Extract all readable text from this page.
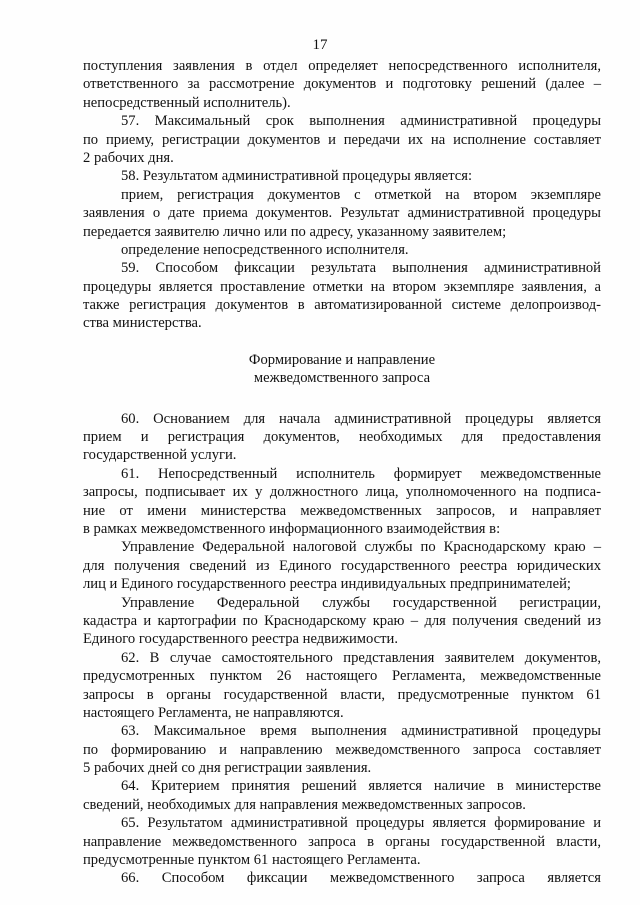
17
поступления заявления в отдел определяет непосредственного исполнителя,
ответственного за рассмотрение документов и подготовку решений (далее –
непосредственный исполнитель).
57. Максимальный срок выполнения административной процедуры
по приему, регистрации документов и передачи их на исполнение составляет
2 рабочих дня.
58. Результатом административной процедуры является:
прием, регистрация документов с отметкой на втором экземпляре
заявления о дате приема документов. Результат административной процедуры
передается заявителю лично или по адресу, указанному заявителем;
определение непосредственного исполнителя.
59. Способом фиксации результата выполнения административной
процедуры является проставление отметки на втором экземпляре заявления, а
также регистрация документов в автоматизированной системе делопроизвод-
ства министерства.
Формирование и направление
межведомственного запроса
60. Основанием для начала административной процедуры является
прием и регистрация документов, необходимых для предоставления
государственной услуги.
61. Непосредственный исполнитель формирует межведомственные
запросы, подписывает их у должностного лица, уполномоченного на подписа-
ние от имени министерства межведомственных запросов, и направляет
в рамках межведомственного информационного взаимодействия в:
Управление Федеральной налоговой службы по Краснодарскому краю –
для получения сведений из Единого государственного реестра юридических
лиц и Единого государственного реестра индивидуальных предпринимателей;
Управление Федеральной службы государственной регистрации,
кадастра и картографии по Краснодарскому краю – для получения сведений из
Единого государственного реестра недвижимости.
62. В случае самостоятельного представления заявителем документов,
предусмотренных пунктом 26 настоящего Регламента, межведомственные
запросы в органы государственной власти, предусмотренные пунктом 61
настоящего Регламента, не направляются.
63. Максимальное время выполнения административной процедуры
по формированию и направлению межведомственного запроса составляет
5 рабочих дней со дня регистрации заявления.
64. Критерием принятия решений является наличие в министерстве
сведений, необходимых для направления межведомственных запросов.
65. Результатом административной процедуры является формирование и
направление межведомственного запроса в органы государственной власти,
предусмотренные пунктом 61 настоящего Регламента.
66. Способом фиксации межведомственного запроса является
